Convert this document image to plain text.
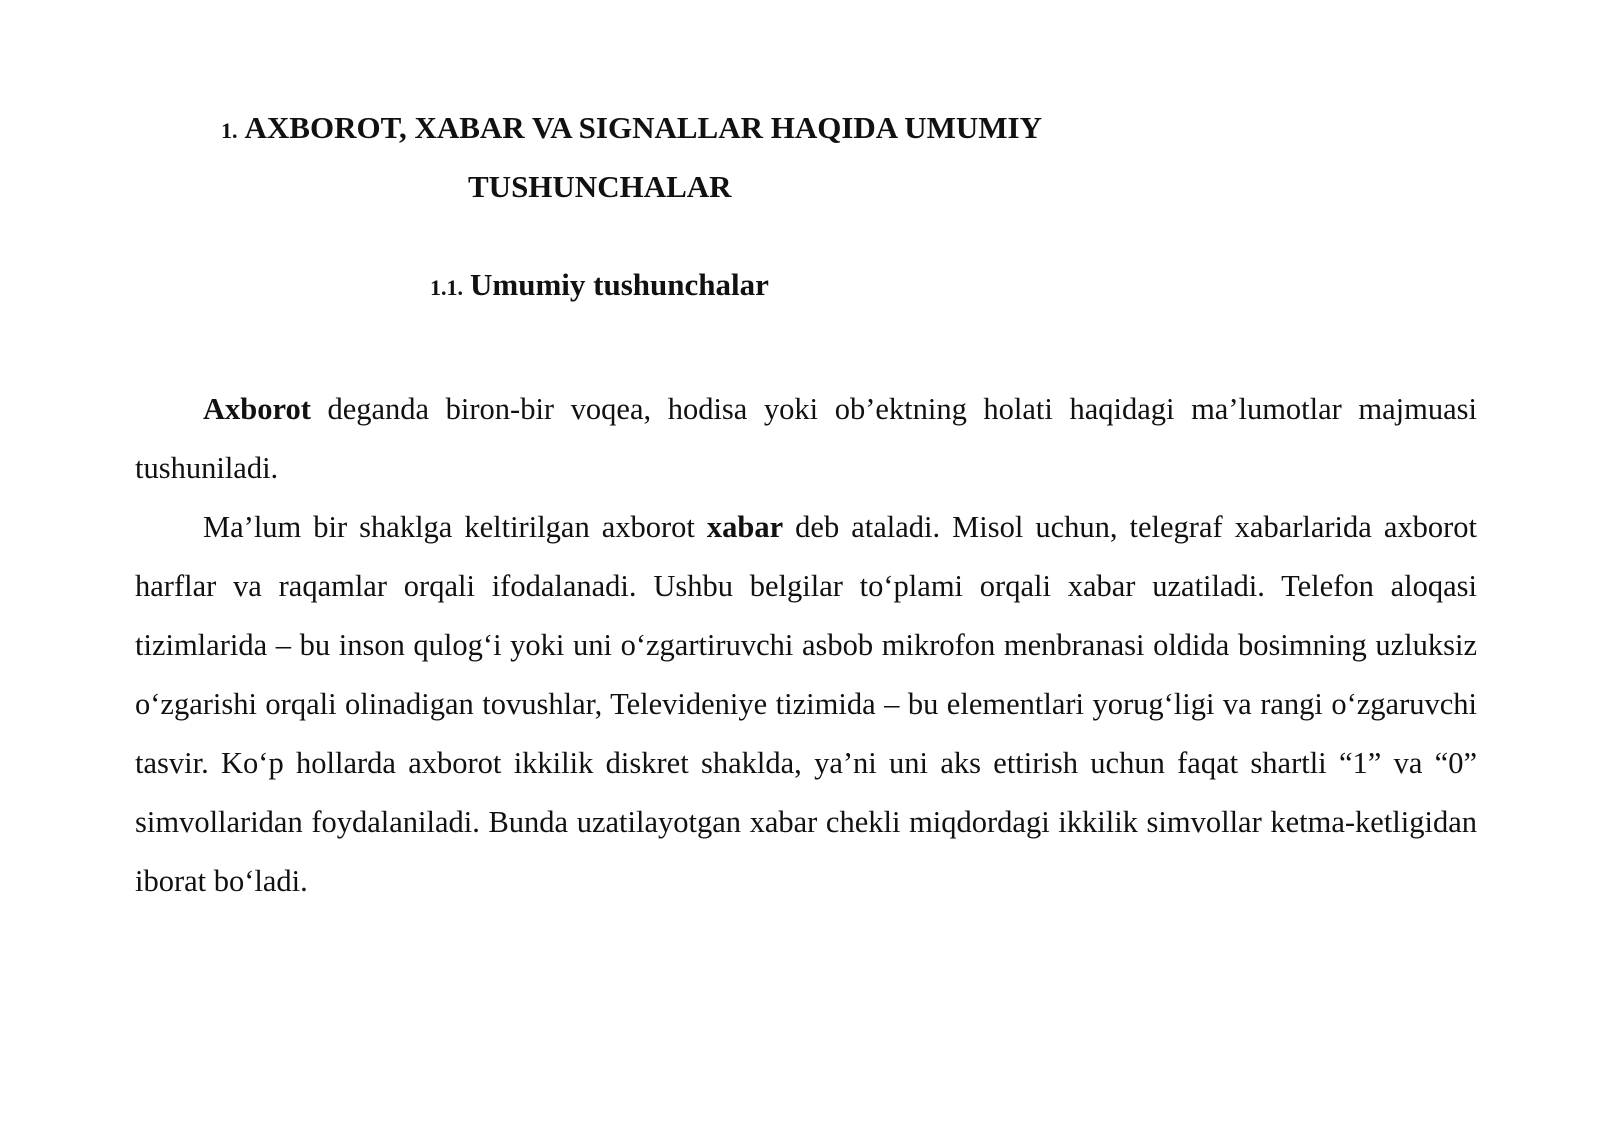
1. AXBOROT, XABAR VA SIGNALLAR HAQIDA UMUMIY
TUSHUNCHALAR
1.1. Umumiy tushunchalar

Axborot deganda biron-bir voqea, hodisa yoki ob’ektning holati haqidagi ma’lumotlar majmuasi tushuniladi.

Ma’lum bir shaklga keltirilgan axborot xabar deb ataladi. Misol uchun, telegraf xabarlarida axborot harflar va raqamlar orqali ifodalanadi. Ushbu belgilar to‘plami orqali xabar uzatiladi. Telefon aloqasi tizimlarida – bu inson qulog‘i yoki uni o‘zgartiruvchi asbob mikrofon menbranasi oldida bosimning uzluksiz o‘zgarishi orqali olinadigan tovushlar, Televideniye tizimida – bu elementlari yorug‘ligi va rangi o‘zgaruvchi tasvir. Ko‘p hollarda axborot ikkilik diskret shaklda, ya’ni uni aks ettirish uchun faqat shartli “1” va “0” simvollaridan foydalaniladi. Bunda uzatilayotgan xabar chekli miqdordagi ikkilik simvollar ketma-ketligidan iborat bo‘ladi.
